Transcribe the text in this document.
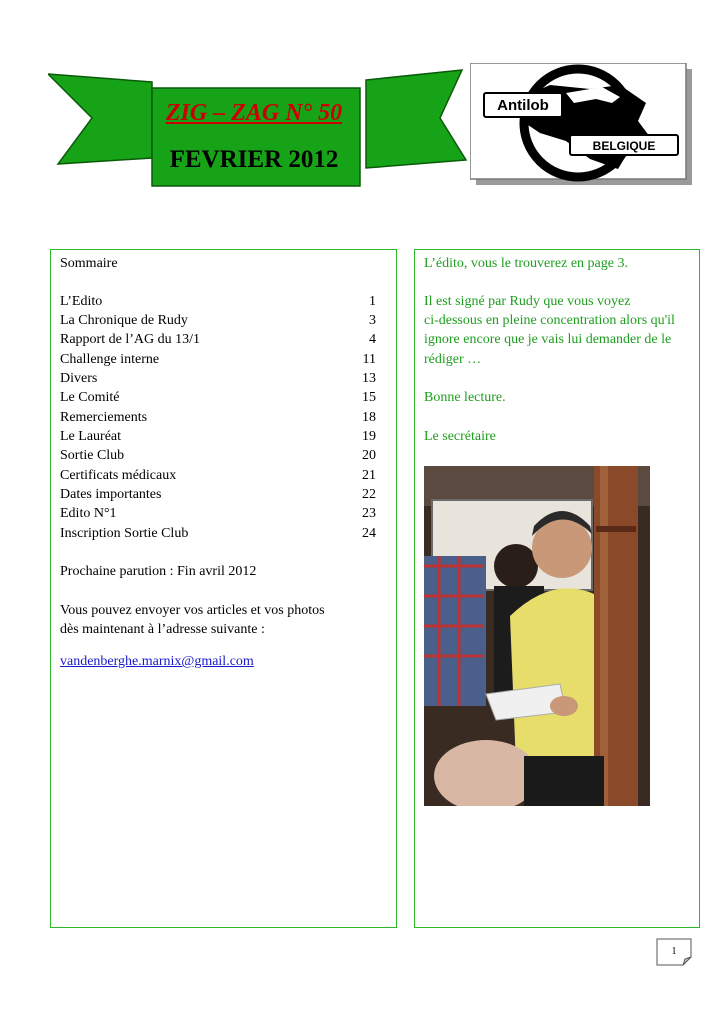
ZIG – ZAG N° 50
FEVRIER 2012
Antilob
BELGIQUE
Sommaire
L’Edito	1
La Chronique de Rudy	3
Rapport de l’AG du 13/1	4
Challenge interne	11
Divers	13
Le Comité	15
Remerciements	18
Le Lauréat	19
Sortie Club	20
Certificats médicaux	21
Dates importantes	22
Edito N°1	23
Inscription Sortie Club	24
Prochaine parution : Fin avril 2012
Vous pouvez envoyer vos articles et vos photos
dès maintenant à l’adresse suivante :
vandenberghe.marnix@gmail.com
L’édito, vous le trouverez en page 3.
Il est signé par Rudy que vous voyez
ci-dessous en pleine concentration alors qu'il
ignore encore que je vais lui demander de le
rédiger …
Bonne lecture.
Le secrétaire
1
